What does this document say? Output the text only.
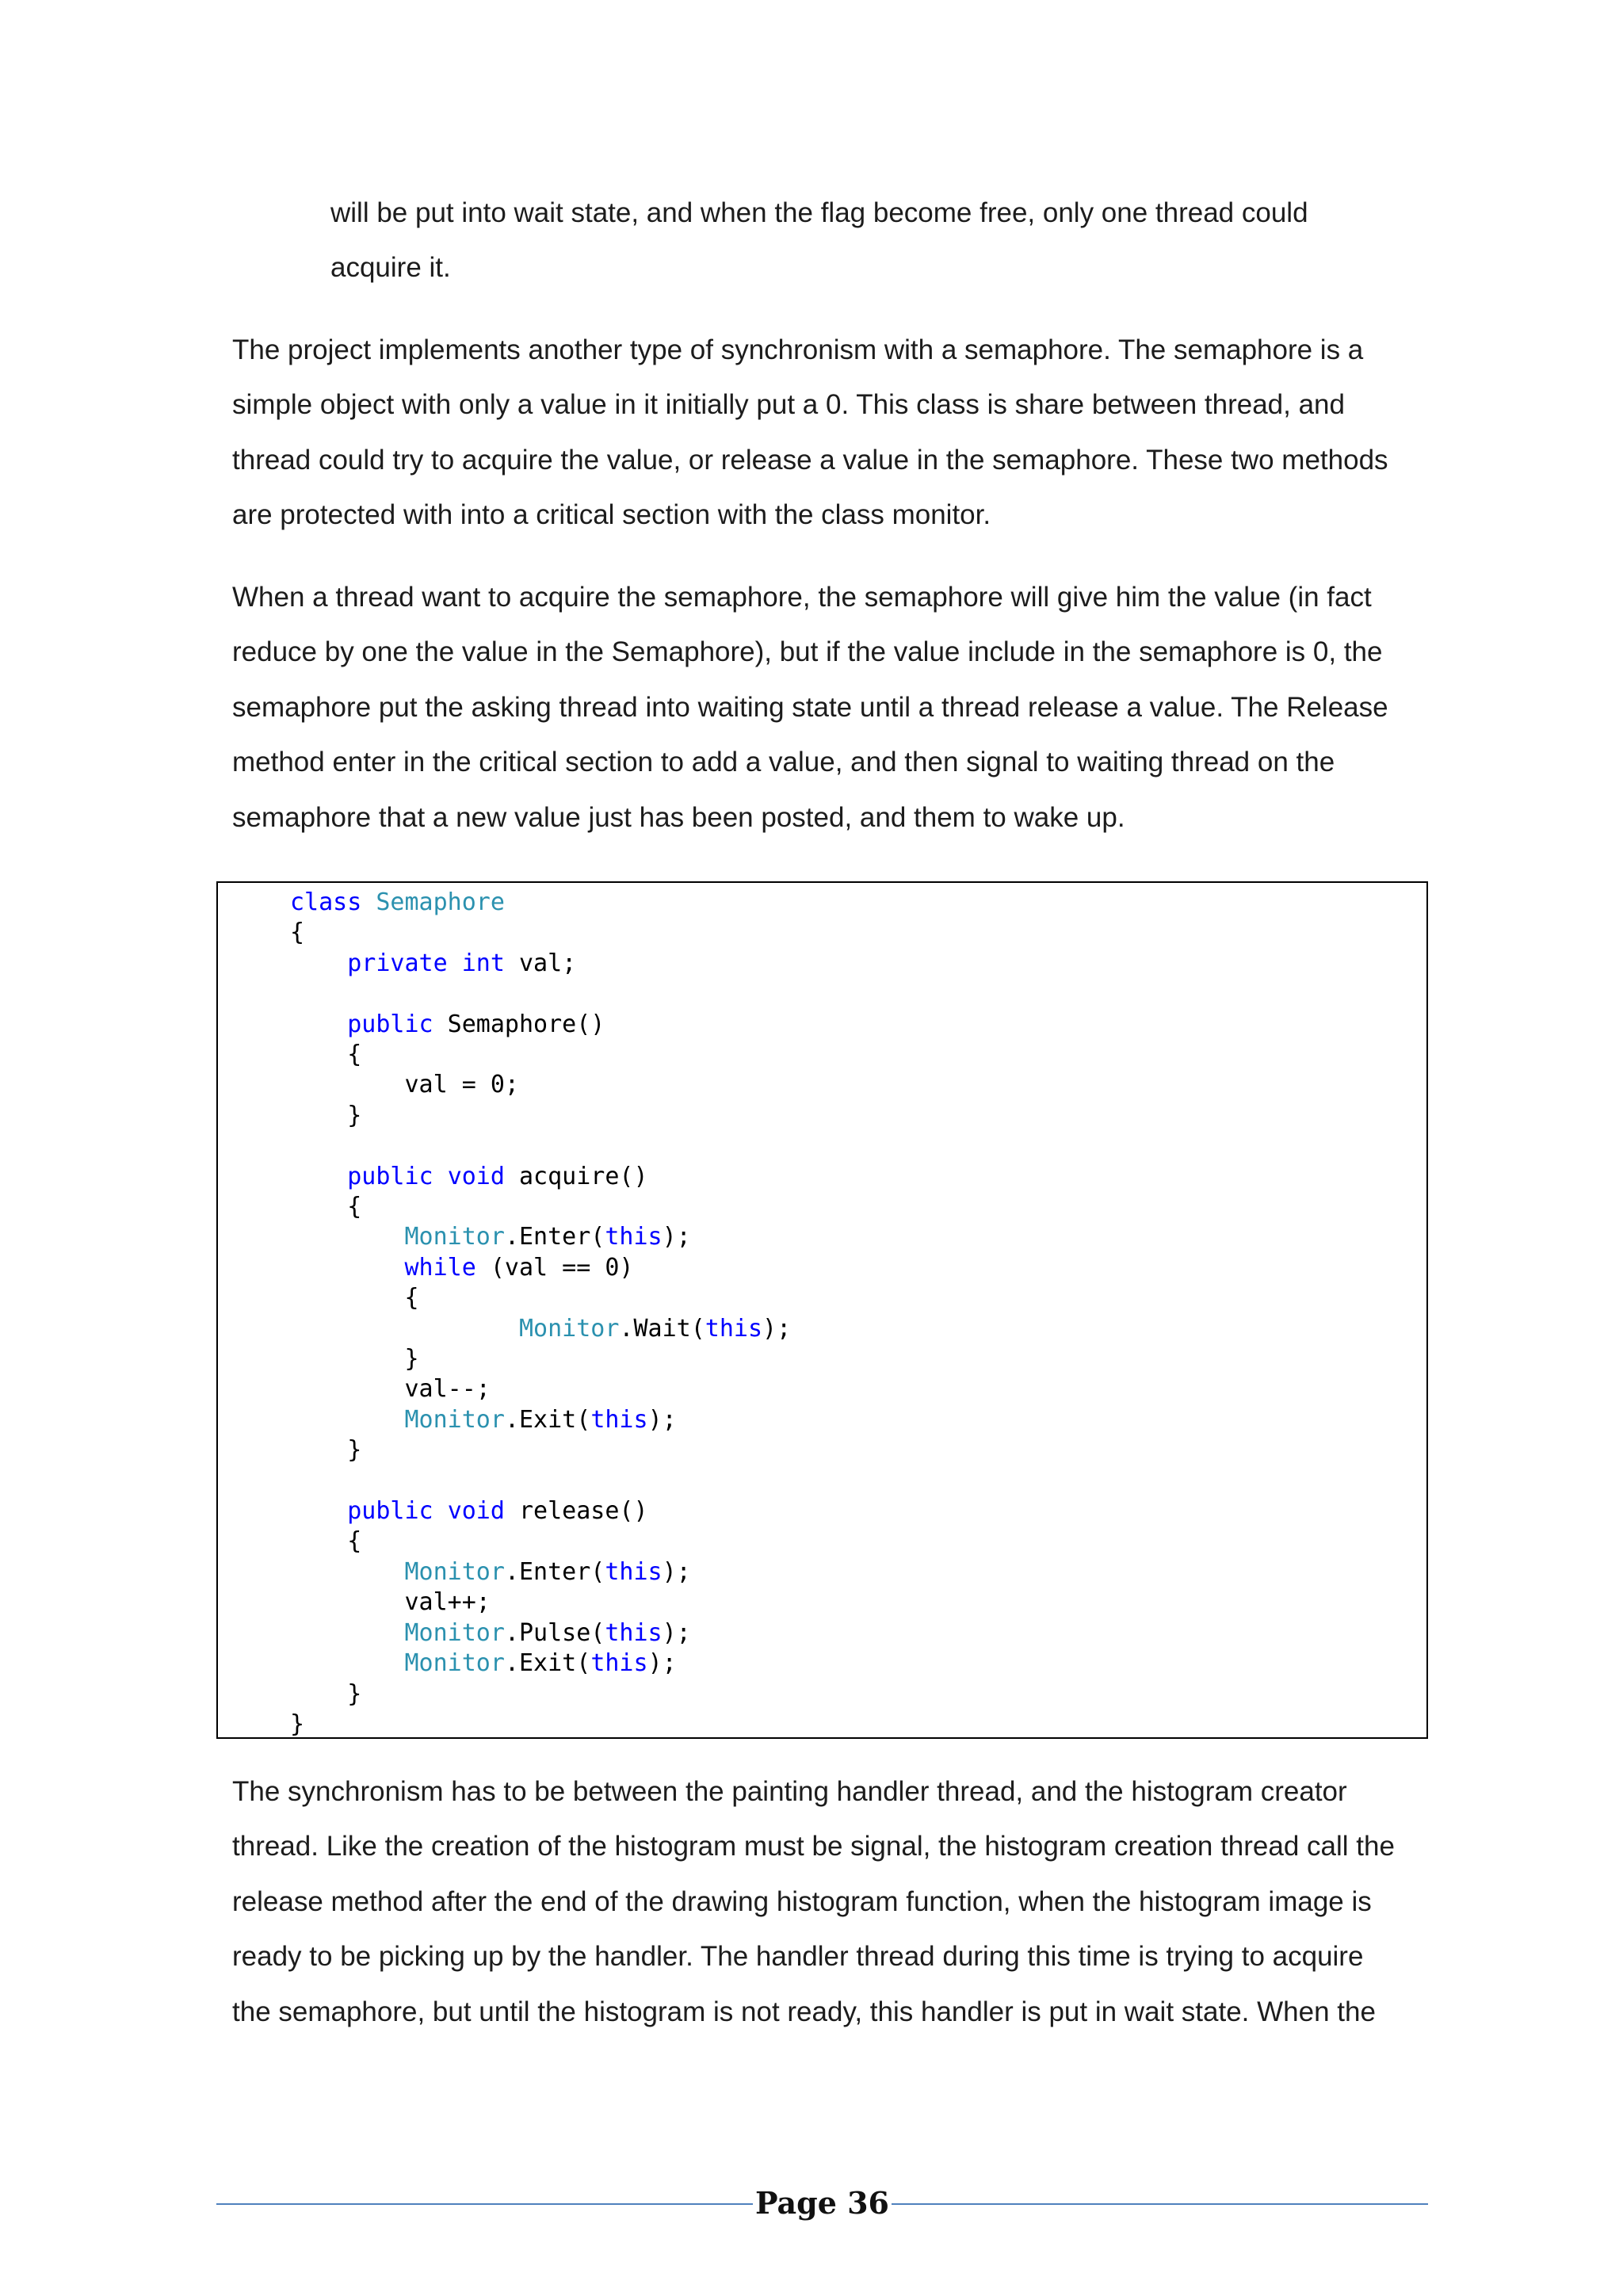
will be put into wait state, and when the flag become free, only one thread could
acquire it.
The project implements another type of synchronism with a semaphore. The semaphore is a
simple object with only a value in it initially put a 0. This class is share between thread, and
thread could try to acquire the value, or release a value in the semaphore. These two methods
are protected with into a critical section with the class monitor.
When a thread want to acquire the semaphore, the semaphore will give him the value (in fact
reduce by one the value in the Semaphore), but if the value include in the semaphore is 0, the
semaphore put the asking thread into waiting state until a thread release a value. The Release
method enter in the critical section to add a value, and then signal to waiting thread on the
semaphore that a new value just has been posted, and them to wake up.
class Semaphore
{
private int val;
public Semaphore()
{
val = 0;
}
public void acquire()
{
Monitor.Enter(this);
while (val == 0)
{
Monitor.Wait(this);
}
val--;
Monitor.Exit(this);
}
public void release()
{
Monitor.Enter(this);
val++;
Monitor.Pulse(this);
Monitor.Exit(this);
}
}
The synchronism has to be between the painting handler thread, and the histogram creator
thread. Like the creation of the histogram must be signal, the histogram creation thread call the
release method after the end of the drawing histogram function, when the histogram image is
ready to be picking up by the handler. The handler thread during this time is trying to acquire
the semaphore, but until the histogram is not ready, this handler is put in wait state. When the
Page 36
